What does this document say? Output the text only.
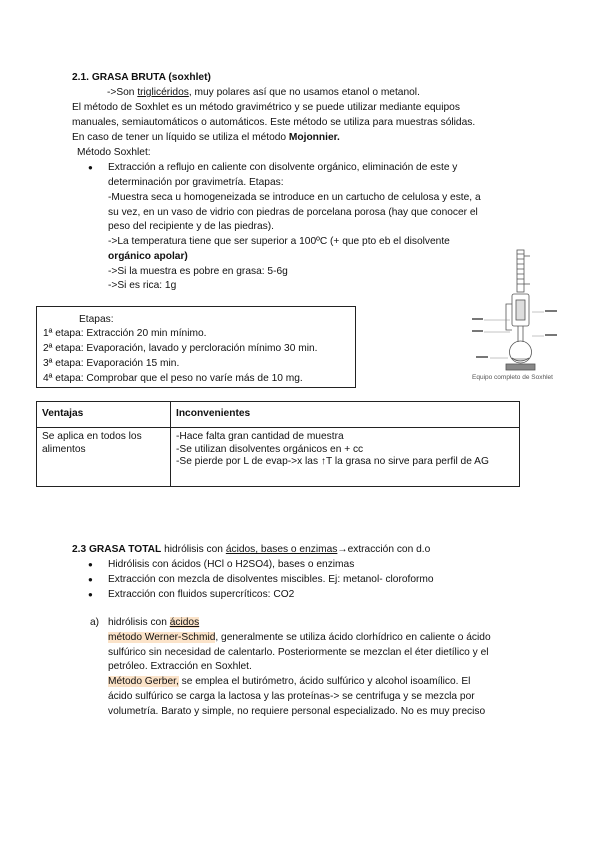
2.1. GRASA BRUTA (soxhlet)
->Son triglicéridos, muy polares así que no usamos etanol o metanol.
El método de Soxhlet es un método gravimétrico y se puede utilizar mediante equipos
manuales, semiautomáticos o automáticos. Este método se utiliza para muestras sólidas.
En caso de tener un líquido se utiliza el método Mojonnier.
Método Soxhlet:
● Extracción a reflujo en caliente con disolvente orgánico, eliminación de este y
determinación por gravimetría. Etapas:
-Muestra seca u homogeneizada se introduce en un cartucho de celulosa y este, a
su vez, en un vaso de vidrio con piedras de porcelana porosa (hay que conocer el
peso del recipiente y de las piedras).
->La temperatura tiene que ser superior a 100ºC (+ que pto eb el disolvente
orgánico apolar)
->Si la muestra es pobre en grasa: 5-6g
->Si es rica: 1g
Etapas:
1ª etapa: Extracción 20 min mínimo.
2ª etapa: Evaporación, lavado y percloración mínimo 30 min.
3ª etapa: Evaporación 15 min.
4ª etapa: Comprobar que el peso no varíe más de 10 mg.	Equipo completo de Soxhlet
Ventajas	Inconvenientes
Se aplica en todos los alimentos	-Hace falta gran cantidad de muestra
-Se utilizan disolventes orgánicos en + cc
-Se pierde por L de evap->x las ↑T la grasa no sirve para perfil de AG
2.3 GRASA TOTAL hidrólisis con ácidos, bases o enzimas→extracción con d.o
● Hidrólisis con ácidos (HCl o H2SO4), bases o enzimas
● Extracción con mezcla de disolventes miscibles. Ej: metanol- cloroformo
● Extracción con fluidos supercríticos: CO2
a) hidrólisis con ácidos
método Werner-Schmid, generalmente se utiliza ácido clorhídrico en caliente o ácido
sulfúrico sin necesidad de calentarlo. Posteriormente se mezclan el éter dietílico y el
petróleo. Extracción en Soxhlet.
Método Gerber, se emplea el butirómetro, ácido sulfúrico y alcohol isoamílico. El
ácido sulfúrico se carga la lactosa y las proteínas-> se centrifuga y se mezcla por
volumetría. Barato y simple, no requiere personal especializado. No es muy preciso
